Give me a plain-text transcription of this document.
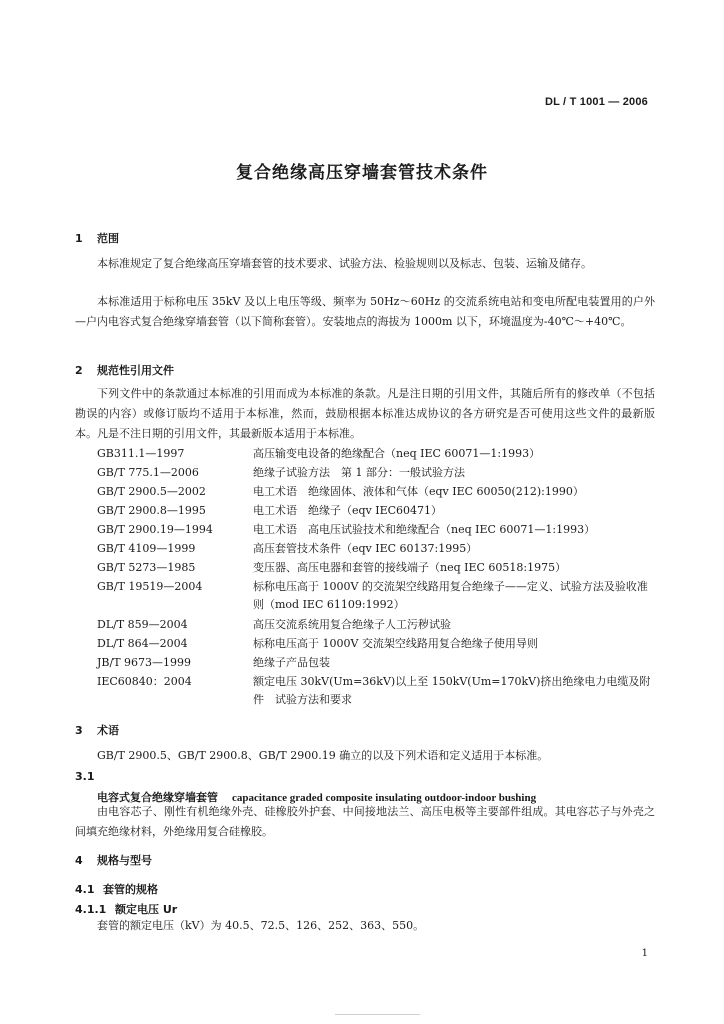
DL / T 1001 — 2006
复合绝缘高压穿墙套管技术条件
1 范围
本标准规定了复合绝缘高压穿墙套管的技术要求、试验方法、检验规则以及标志、包装、运输及储存。
本标准适用于标称电压 35kV 及以上电压等级、频率为 50Hz～60Hz 的交流系统电站和变电所配电装置用的户外—户内电容式复合绝缘穿墙套管（以下简称套管）。安装地点的海拔为 1000m 以下，环境温度为-40℃～+40℃。
2 规范性引用文件
下列文件中的条款通过本标准的引用而成为本标准的条款。凡是注日期的引用文件，其随后所有的修改单（不包括勘误的内容）或修订版均不适用于本标准，然而，鼓励根据本标准达成协议的各方研究是否可使用这些文件的最新版本。凡是不注日期的引用文件，其最新版本适用于本标准。
GB311.1—1997	高压输变电设备的绝缘配合（neq IEC 60071—1:1993）
GB/T 775.1—2006	绝缘子试验方法　第 1 部分：一般试验方法
GB/T 2900.5—2002	电工术语　绝缘固体、液体和气体（eqv IEC 60050(212):1990）
GB/T 2900.8—1995	电工术语　绝缘子（eqv IEC60471）
GB/T 2900.19—1994	电工术语　高电压试验技术和绝缘配合（neq IEC 60071—1:1993）
GB/T 4109—1999	高压套管技术条件（eqv IEC 60137:1995）
GB/T 5273—1985	变压器、高压电器和套管的接线端子（neq IEC 60518:1975）
GB/T 19519—2004	标称电压高于 1000V 的交流架空线路用复合绝缘子——定义、试验方法及验收准则（mod IEC 61109:1992）
DL/T 859—2004	高压交流系统用复合绝缘子人工污秽试验
DL/T 864—2004	标称电压高于 1000V 交流架空线路用复合绝缘子使用导则
JB/T 9673—1999	绝缘子产品包装
IEC60840：2004	额定电压 30kV(Um=36kV)以上至 150kV(Um=170kV)挤出绝缘电力电缆及附件　试验方法和要求
3 术语
GB/T 2900.5、GB/T 2900.8、GB/T 2900.19 确立的以及下列术语和定义适用于本标准。
3.1
电容式复合绝缘穿墙套管 capacitance graded composite insulating outdoor-indoor bushing
由电容芯子、刚性有机绝缘外壳、硅橡胶外护套、中间接地法兰、高压电极等主要部件组成。其电容芯子与外壳之间填充绝缘材料，外绝缘用复合硅橡胶。
4 规格与型号
4.1 套管的规格
4.1.1 额定电压 Ur
套管的额定电压（kV）为 40.5、72.5、126、252、363、550。
1
